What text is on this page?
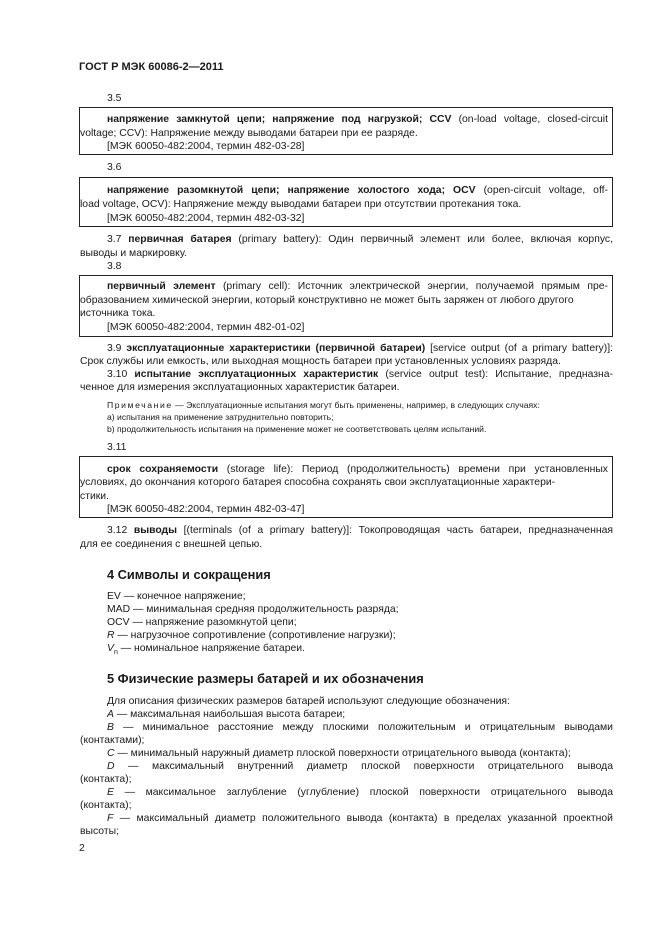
ГОСТ Р МЭК 60086-2—2011
3.5
напряжение замкнутой цепи; напряжение под нагрузкой; CCV (on-load voltage, closed-circuit
voltage; CCV): Напряжение между выводами батареи при ее разряде.
[МЭК 60050-482:2004, термин 482-03-28]
3.6
напряжение разомкнутой цепи; напряжение холостого хода; OCV (open-circuit voltage, off-
load voltage, OCV): Напряжение между выводами батареи при отсутствии протекания тока.
[МЭК 60050-482:2004, термин 482-03-32]
3.7 первичная батарея (primary battery): Один первичный элемент или более, включая корпус,
выводы и маркировку.
3.8
первичный элемент (primary cell): Источник электрической энергии, получаемой прямым пре-
образованием химической энергии, который конструктивно не может быть заряжен от любого другого
источника тока.
[МЭК 60050-482:2004, термин 482-01-02]
3.9 эксплуатационные характеристики (первичной батареи) [service output (of a primary battery)]:
Срок службы или емкость, или выходная мощность батареи при установленных условиях разряда.
3.10 испытание эксплуатационных характеристик (service output test): Испытание, предназна-
ченное для измерения эксплуатационных характеристик батареи.
Примечание — Эксплуатационные испытания могут быть применены, например, в следующих случаях:
а) испытания на применение затруднительно повторить;
b) продолжительность испытания на применение может не соответствовать целям испытаний.
3.11
срок сохраняемости (storage life): Период (продолжительность) времени при установленных
условиях, до окончания которого батарея способна сохранять свои эксплуатационные характери-
стики.
[МЭК 60050-482:2004, термин 482-03-47]
3.12 выводы [(terminals (of a primary battery)]: Токопроводящая часть батареи, предназначенная
для ее соединения с внешней цепью.
4 Символы и сокращения
EV — конечное напряжение;
MAD — минимальная средняя продолжительность разряда;
OCV — напряжение разомкнутой цепи;
R — нагрузочное сопротивление (сопротивление нагрузки);
$V_n$ — номинальное напряжение батареи.
5 Физические размеры батарей и их обозначения
Для описания физических размеров батарей используют следующие обозначения:
A — максимальная наибольшая высота батареи;
B — минимальное расстояние между плоскими положительным и отрицательным выводами
(контактами);
C — минимальный наружный диаметр плоской поверхности отрицательного вывода (контакта);
D — максимальный внутренний диаметр плоской поверхности отрицательного вывода
(контакта);
E — максимальное заглубление (углубление) плоской поверхности отрицательного вывода
(контакта);
F — максимальный диаметр положительного вывода (контакта) в пределах указанной проектной
высоты;
2
